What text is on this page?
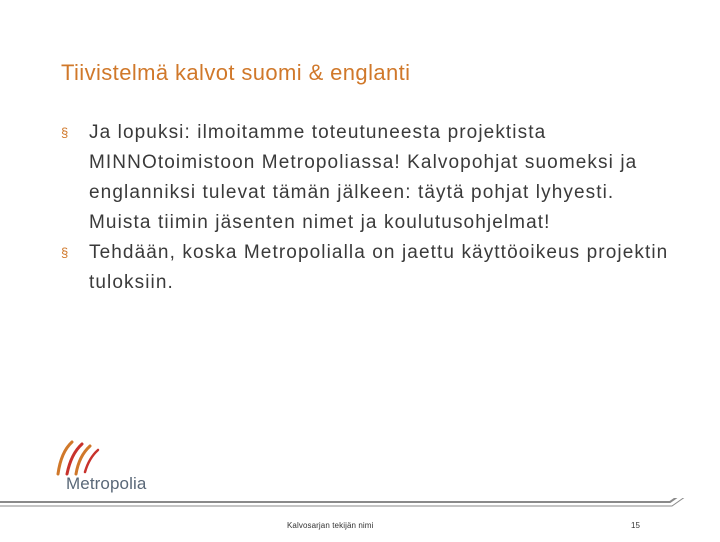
Tiivistelmä kalvot suomi & englanti
§ Ja lopuksi: ilmoitamme toteutuneesta projektista MINNOtoimistoon Metropoliassa! Kalvopohjat suomeksi ja englanniksi tulevat tämän jälkeen: täytä pohjat lyhyesti. Muista tiimin jäsenten nimet ja koulutusohjelmat!
§ Tehdään, koska Metropolialla on jaettu käyttöoikeus projektin tuloksiin.
Metropolia
Kalvosarjan tekijän nimi	15
